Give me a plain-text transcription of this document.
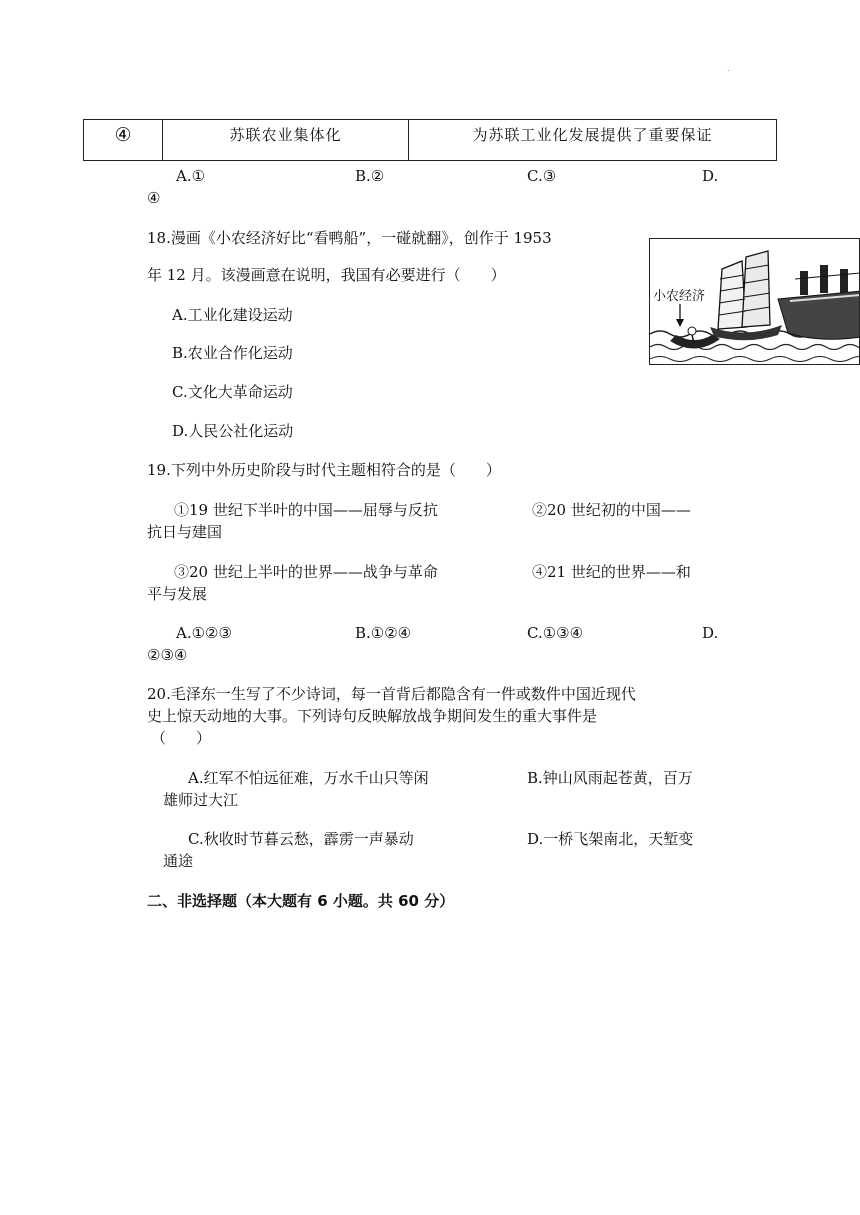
.
④	苏联农业集体化	为苏联工业化发展提供了重要保证
A.①	B.②	C.③	D.
④
18.漫画《小农经济好比“看鸭船”，一碰就翻》，创作于 1953
年 12 月。该漫画意在说明，我国有必要进行（　　）
A.工业化建设运动
B.农业合作化运动
C.文化大革命运动
D.人民公社化运动
小农经济
19.下列中外历史阶段与时代主题相符合的是（　　）
①19 世纪下半叶的中国——屈辱与反抗	②20 世纪初的中国——
抗日与建国
③20 世纪上半叶的世界——战争与革命	④21 世纪的世界——和
平与发展
A.①②③	B.①②④	C.①③④	D.
②③④
20.毛泽东一生写了不少诗词，每一首背后都隐含有一件或数件中国近现代
史上惊天动地的大事。下列诗句反映解放战争期间发生的重大事件是
（　　）
A.红军不怕远征难，万水千山只等闲	B.钟山风雨起苍黄，百万
雄师过大江
C.秋收时节暮云愁，霹雳一声暴动	D.一桥飞架南北，天堑变
通途
二、非选择题（本大题有 6 小题。共 60 分）
